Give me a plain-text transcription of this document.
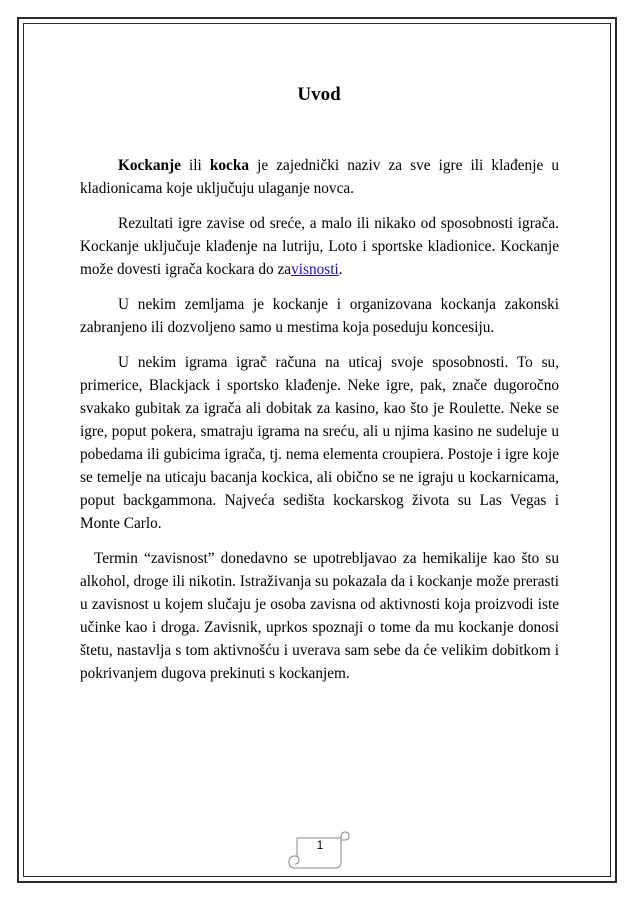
Uvod

Kockanje ili kocka je zajednički naziv za sve igre ili klađenje u kladionicama koje uključuju ulaganje novca.

Rezultati igre zavise od sreće, a malo ili nikako od sposobnosti igrača. Kockanje uključuje klađenje na lutriju, Loto i sportske kladionice. Kockanje može dovesti igrača kockara do zavisnosti.

U nekim zemljama je kockanje i organizovana kockanja zakonski zabranjeno ili dozvoljeno samo u mestima koja poseduju koncesiju.

U nekim igrama igrač računa na uticaj svoje sposobnosti. To su, primerice, Blackjack i sportsko klađenje. Neke igre, pak, znače dugoročno svakako gubitak za igrača ali dobitak za kasino, kao što je Roulette. Neke se igre, poput pokera, smatraju igrama na sreću, ali u njima kasino ne sudeluje u pobedama ili gubicima igrača, tj. nema elementa croupiera. Postoje i igre koje se temelje na uticaju bacanja kockica, ali obično se ne igraju u kockarnicama, poput backgammona. Najveća sedišta kockarskog života su Las Vegas i Monte Carlo.

Termin “zavisnost” donedavno se upotrebljavao za hemikalije kao što su alkohol, droge ili nikotin. Istraživanja su pokazala da i kockanje može prerasti u zavisnost u kojem slučaju je osoba zavisna od aktivnosti koja proizvodi iste učinke kao i droga. Zavisnik, uprkos spoznaji o tome da mu kockanje donosi štetu, nastavlja s tom aktivnošću i uverava sam sebe da će velikim dobitkom i pokrivanjem dugova prekinuti s kockanjem.

1
